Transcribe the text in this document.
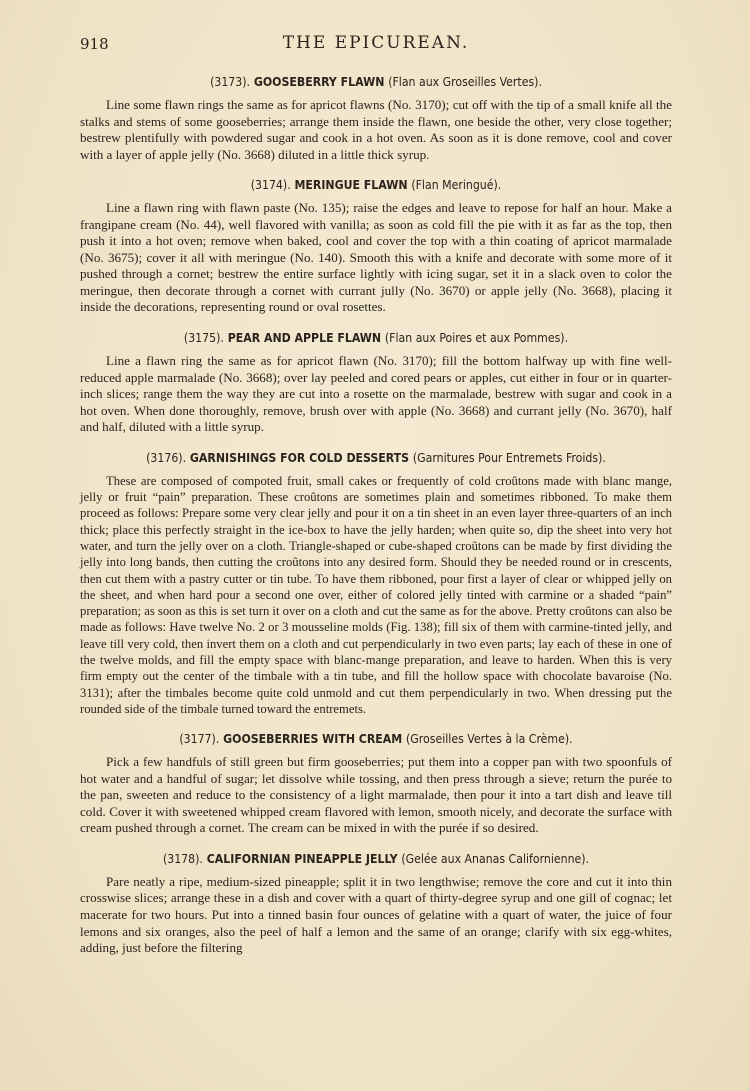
918	THE EPICUREAN.
(3173). GOOSEBERRY FLAWN (Flan aux Groseilles Vertes).

Line some flawn rings the same as for apricot flawns (No. 3170); cut off with the tip of a small knife all the stalks and stems of some gooseberries; arrange them inside the flawn, one beside the other, very close together; bestrew plentifully with powdered sugar and cook in a hot oven. As soon as it is done remove, cool and cover with a layer of apple jelly (No. 3668) diluted in a little thick syrup.

(3174). MERINGUE FLAWN (Flan Meringué).

Line a flawn ring with flawn paste (No. 135); raise the edges and leave to repose for half an hour. Make a frangipane cream (No. 44), well flavored with vanilla; as soon as cold fill the pie with it as far as the top, then push it into a hot oven; remove when baked, cool and cover the top with a thin coating of apricot marmalade (No. 3675); cover it all with meringue (No. 140). Smooth this with a knife and decorate with some more of it pushed through a cornet; bestrew the entire surface lightly with icing sugar, set it in a slack oven to color the meringue, then decorate through a cornet with currant jully (No. 3670) or apple jelly (No. 3668), placing it inside the decorations, representing round or oval rosettes.

(3175). PEAR AND APPLE FLAWN (Flan aux Poires et aux Pommes).

Line a flawn ring the same as for apricot flawn (No. 3170); fill the bottom halfway up with fine well-reduced apple marmalade (No. 3668); over lay peeled and cored pears or apples, cut either in four or in quarter-inch slices; range them the way they are cut into a rosette on the marmalade, bestrew with sugar and cook in a hot oven. When done thoroughly, remove, brush over with apple (No. 3668) and currant jelly (No. 3670), half and half, diluted with a little syrup.

(3176). GARNISHINGS FOR COLD DESSERTS (Garnitures Pour Entremets Froids).

These are composed of compoted fruit, small cakes or frequently of cold croûtons made with blanc mange, jelly or fruit “pain” preparation. These croûtons are sometimes plain and sometimes ribboned. To make them proceed as follows: Prepare some very clear jelly and pour it on a tin sheet in an even layer three-quarters of an inch thick; place this perfectly straight in the ice-box to have the jelly harden; when quite so, dip the sheet into very hot water, and turn the jelly over on a cloth. Triangle-shaped or cube-shaped croûtons can be made by first dividing the jelly into long bands, then cutting the croûtons into any desired form. Should they be needed round or in crescents, then cut them with a pastry cutter or tin tube. To have them ribboned, pour first a layer of clear or whipped jelly on the sheet, and when hard pour a second one over, either of colored jelly tinted with carmine or a shaded “pain” preparation; as soon as this is set turn it over on a cloth and cut the same as for the above. Pretty croûtons can also be made as follows: Have twelve No. 2 or 3 mousseline molds (Fig. 138); fill six of them with carmine-tinted jelly, and leave till very cold, then invert them on a cloth and cut perpendicularly in two even parts; lay each of these in one of the twelve molds, and fill the empty space with blanc-mange preparation, and leave to harden. When this is very firm empty out the center of the timbale with a tin tube, and fill the hollow space with chocolate bavaroise (No. 3131); after the timbales become quite cold unmold and cut them perpendicularly in two. When dressing put the rounded side of the timbale turned toward the entremets.

(3177). GOOSEBERRIES WITH CREAM (Groseilles Vertes à la Crème).

Pick a few handfuls of still green but firm gooseberries; put them into a copper pan with two spoonfuls of hot water and a handful of sugar; let dissolve while tossing, and then press through a sieve; return the purée to the pan, sweeten and reduce to the consistency of a light marmalade, then pour it into a tart dish and leave till cold. Cover it with sweetened whipped cream flavored with lemon, smooth nicely, and decorate the surface with cream pushed through a cornet. The cream can be mixed in with the purée if so desired.

(3178). CALIFORNIAN PINEAPPLE JELLY (Gelée aux Ananas Californienne).

Pare neatly a ripe, medium-sized pineapple; split it in two lengthwise; remove the core and cut it into thin crosswise slices; arrange these in a dish and cover with a quart of thirty-degree syrup and one gill of cognac; let macerate for two hours. Put into a tinned basin four ounces of gelatine with a quart of water, the juice of four lemons and six oranges, also the peel of half a lemon and the same of an orange; clarify with six egg-whites, adding, just before the filtering
